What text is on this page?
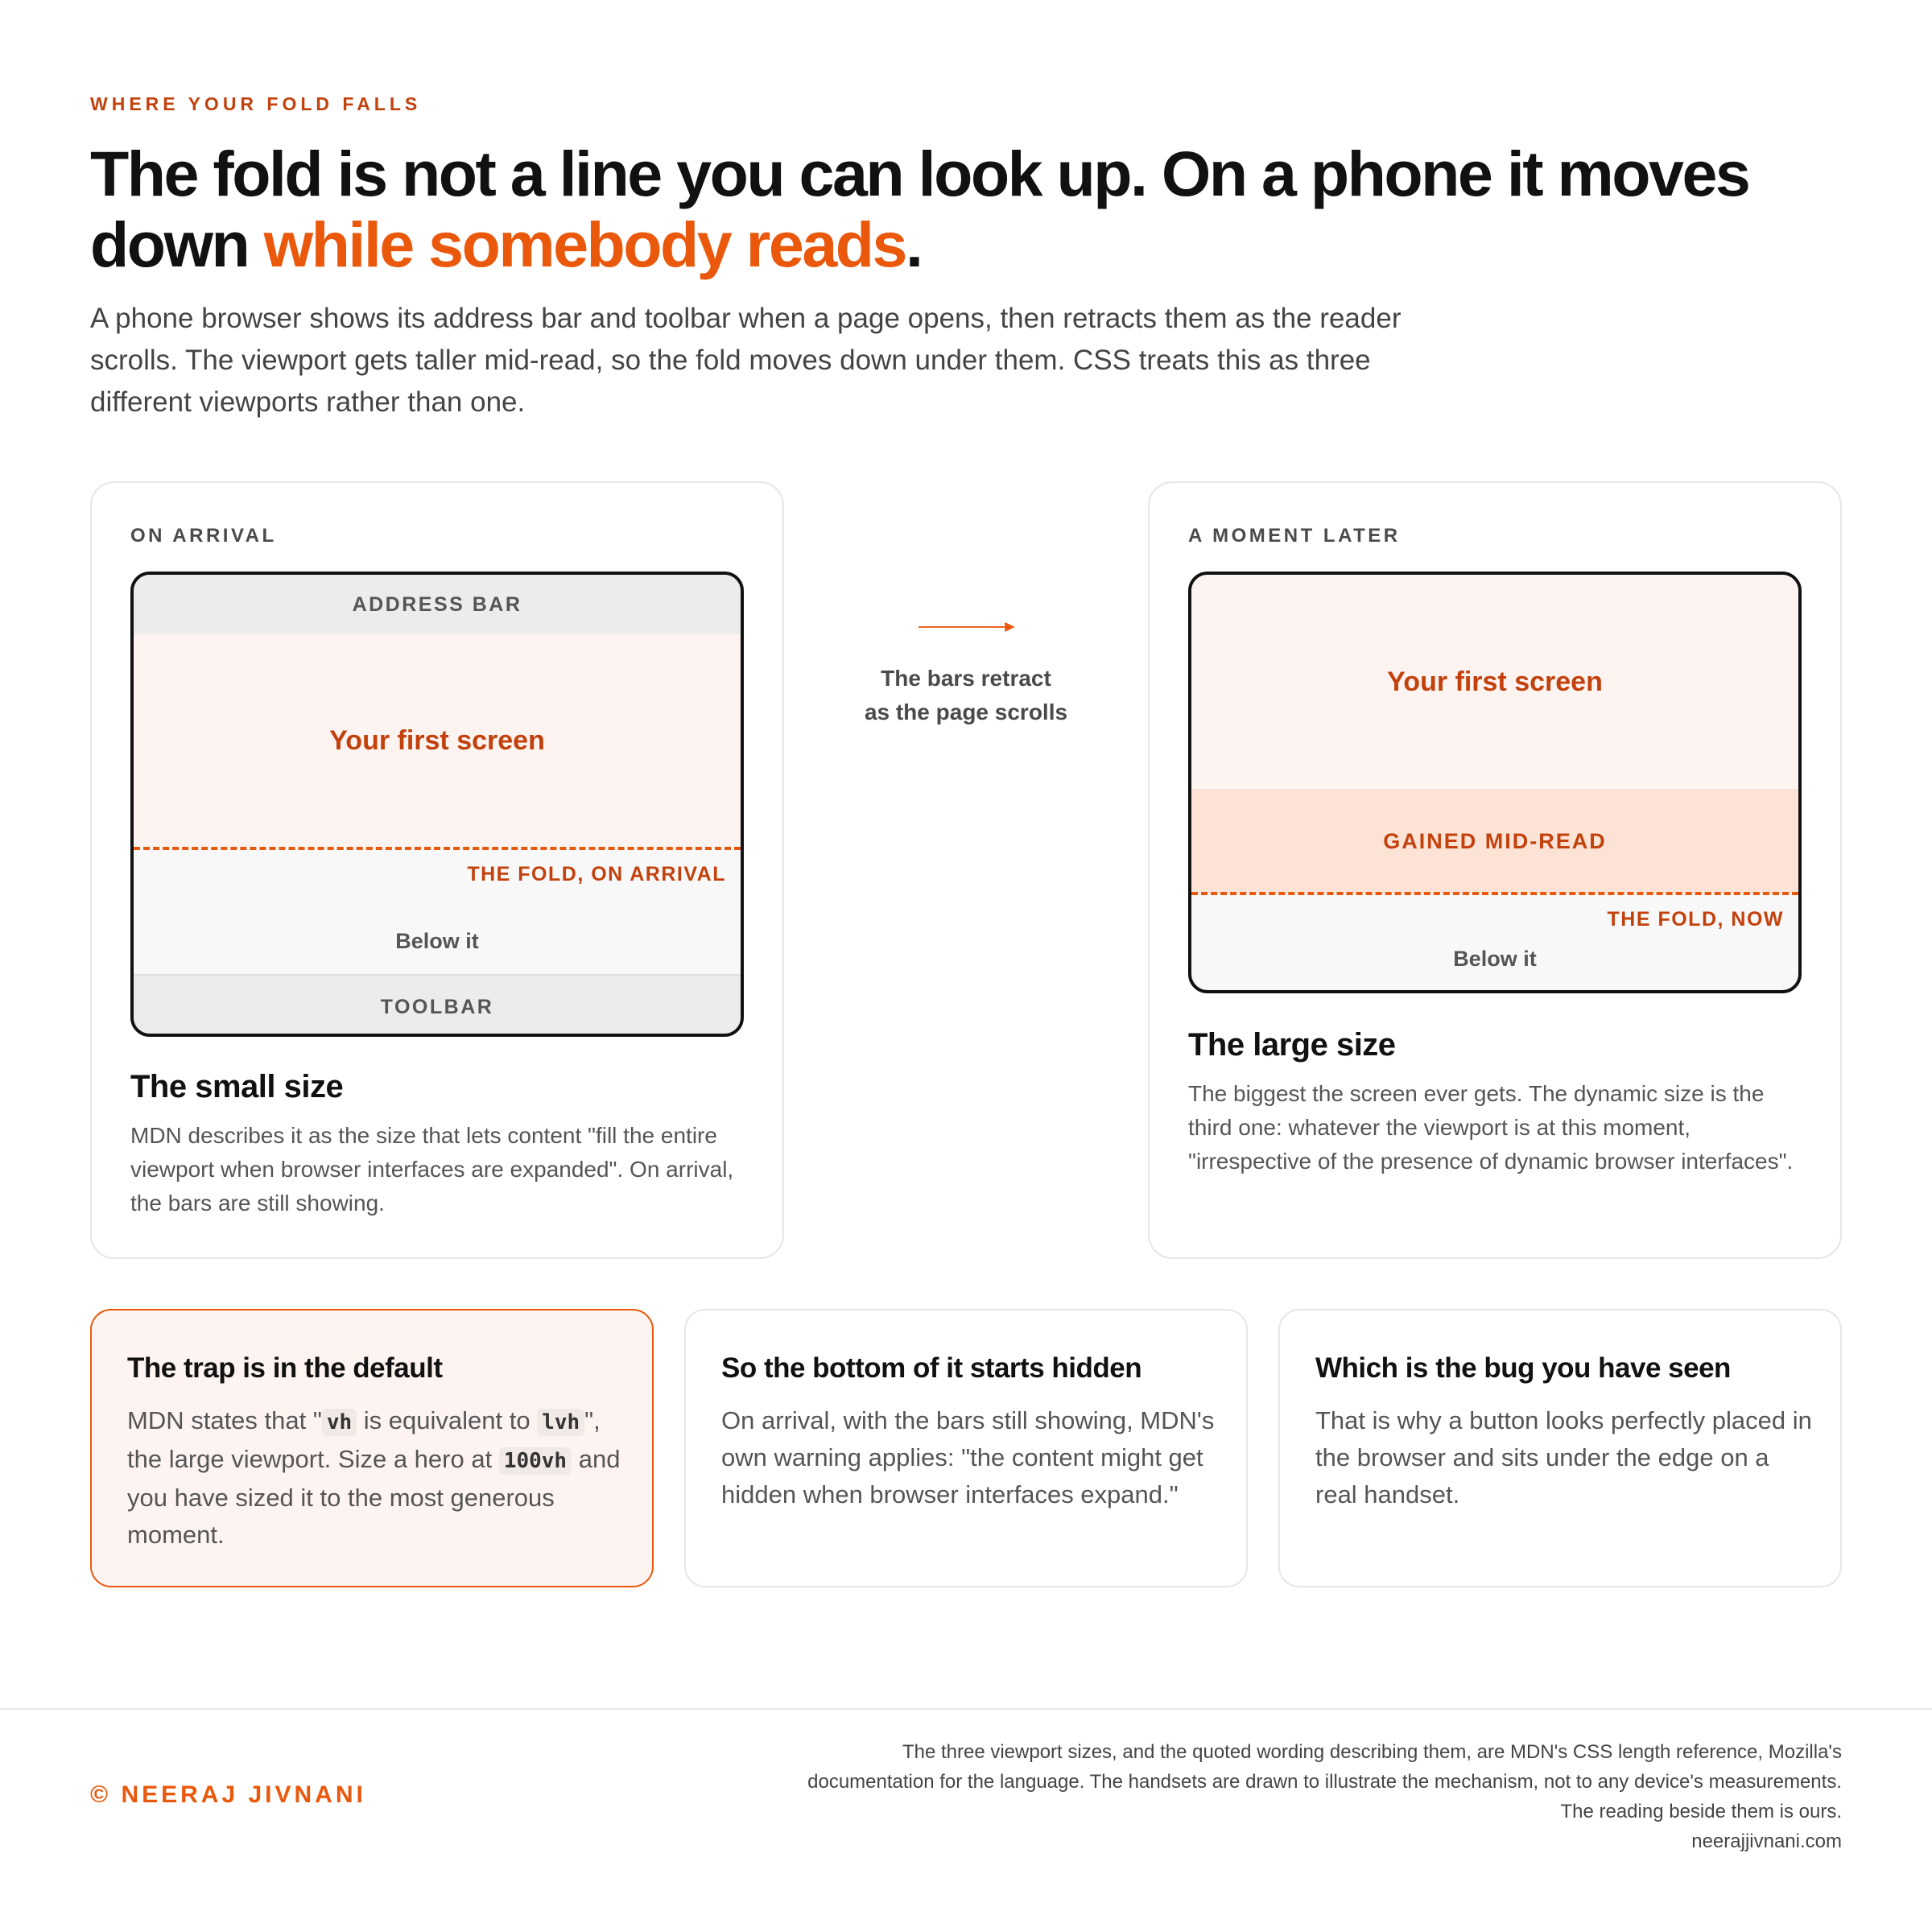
WHERE YOUR FOLD FALLS
The fold is not a line you can look up. On a phone it moves down while somebody reads.

A phone browser shows its address bar and toolbar when a page opens, then retracts them as the reader scrolls. The viewport gets taller mid-read, so the fold moves down under them. CSS treats this as three different viewports rather than one.

ON ARRIVAL
ADDRESS BAR
Your first screen
THE FOLD, ON ARRIVAL
Below it
TOOLBAR
The small size

MDN describes it as the size that lets content "fill the entire viewport when browser interfaces are expanded". On arrival, the bars are still showing.

The bars retract
as the page scrolls
A MOMENT LATER
Your first screen
GAINED MID-READ
THE FOLD, NOW
Below it
The large size

The biggest the screen ever gets. The dynamic size is the third one: whatever the viewport is at this moment, "irrespective of the presence of dynamic browser interfaces".

The trap is in the default

MDN states that " vh is equivalent to lvh ", the large viewport. Size a hero at 100vh and you have sized it to the most generous moment.

So the bottom of it starts hidden

On arrival, with the bars still showing, MDN's own warning applies: "the content might get hidden when browser interfaces expand."

Which is the bug you have seen

That is why a button looks perfectly placed in the browser and sits under the edge on a real handset.

© NEERAJ JIVNANI
The three viewport sizes, and the quoted wording describing them, are MDN's CSS length reference, Mozilla's
documentation for the language. The handsets are drawn to illustrate the mechanism, not to any device's measurements.
The reading beside them is ours.
neerajjivnani.com
